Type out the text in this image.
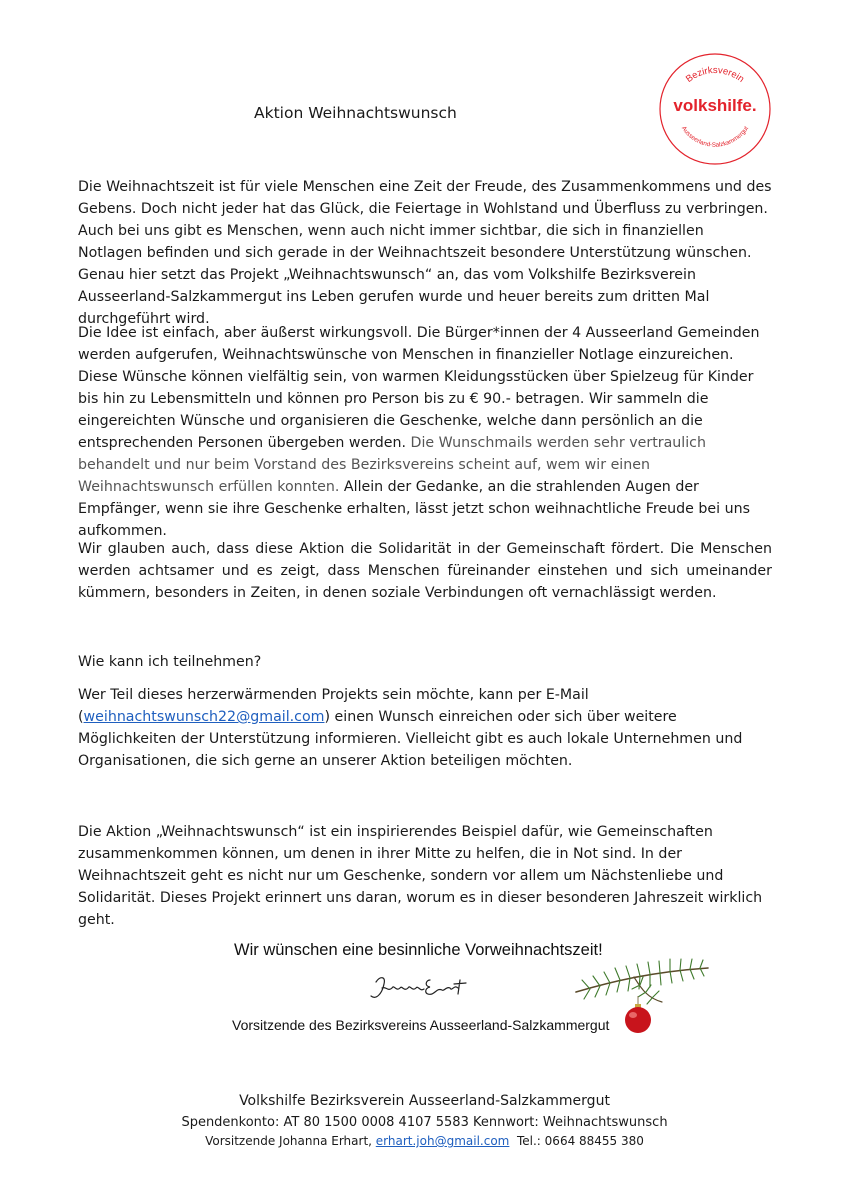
Aktion Weihnachtswunsch
Bezirksverein
volkshilfe.
Ausseerland-Salzkammergut

Die Weihnachtszeit ist für viele Menschen eine Zeit der Freude, des Zusammenkommens und des Gebens. Doch nicht jeder hat das Glück, die Feiertage in Wohlstand und Überfluss zu verbringen. Auch bei uns gibt es Menschen, wenn auch nicht immer sichtbar, die sich in finanziellen Notlagen befinden und sich gerade in der Weihnachtszeit besondere Unterstützung wünschen. Genau hier setzt das Projekt „Weihnachtswunsch“ an, das vom Volkshilfe Bezirksverein Ausseerland-Salzkammergut ins Leben gerufen wurde und heuer bereits zum dritten Mal durchgeführt wird.

Die Idee ist einfach, aber äußerst wirkungsvoll. Die Bürger*innen der 4 Ausseerland Gemeinden werden aufgerufen, Weihnachtswünsche von Menschen in finanzieller Notlage einzureichen. Diese Wünsche können vielfältig sein, von warmen Kleidungsstücken über Spielzeug für Kinder bis hin zu Lebensmitteln und können pro Person bis zu € 90.- betragen. Wir sammeln die eingereichten Wünsche und organisieren die Geschenke, welche dann persönlich an die entsprechenden Personen übergeben werden. Die Wunschmails werden sehr vertraulich behandelt und nur beim Vorstand des Bezirksvereins scheint auf, wem wir einen Weihnachtswunsch erfüllen konnten. Allein der Gedanke, an die strahlenden Augen der Empfänger, wenn sie ihre Geschenke erhalten, lässt jetzt schon weihnachtliche Freude bei uns aufkommen.

Wir glauben auch, dass diese Aktion die Solidarität in der Gemeinschaft fördert. Die Menschen werden achtsamer und es zeigt, dass Menschen füreinander einstehen und sich umeinander kümmern, besonders in Zeiten, in denen soziale Verbindungen oft vernachlässigt werden.

Wie kann ich teilnehmen?

Wer Teil dieses herzerwärmenden Projekts sein möchte, kann per E-Mail (weihnachtswunsch22@gmail.com) einen Wunsch einreichen oder sich über weitere Möglichkeiten der Unterstützung informieren. Vielleicht gibt es auch lokale Unternehmen und Organisationen, die sich gerne an unserer Aktion beteiligen möchten.

Die Aktion „Weihnachtswunsch“ ist ein inspirierendes Beispiel dafür, wie Gemeinschaften zusammenkommen können, um denen in ihrer Mitte zu helfen, die in Not sind. In der Weihnachtszeit geht es nicht nur um Geschenke, sondern vor allem um Nächstenliebe und Solidarität. Dieses Projekt erinnert uns daran, worum es in dieser besonderen Jahreszeit wirklich geht.

Wir wünschen eine besinnliche Vorweihnachtszeit!
Vorsitzende des Bezirksvereins Ausseerland-Salzkammergut
Volkshilfe Bezirksverein Ausseerland-Salzkammergut
Spendenkonto: AT 80 1500 0008 4107 5583 Kennwort: Weihnachtswunsch
Vorsitzende Johanna Erhart, erhart.joh@gmail.com  Tel.: 0664 88455 380
